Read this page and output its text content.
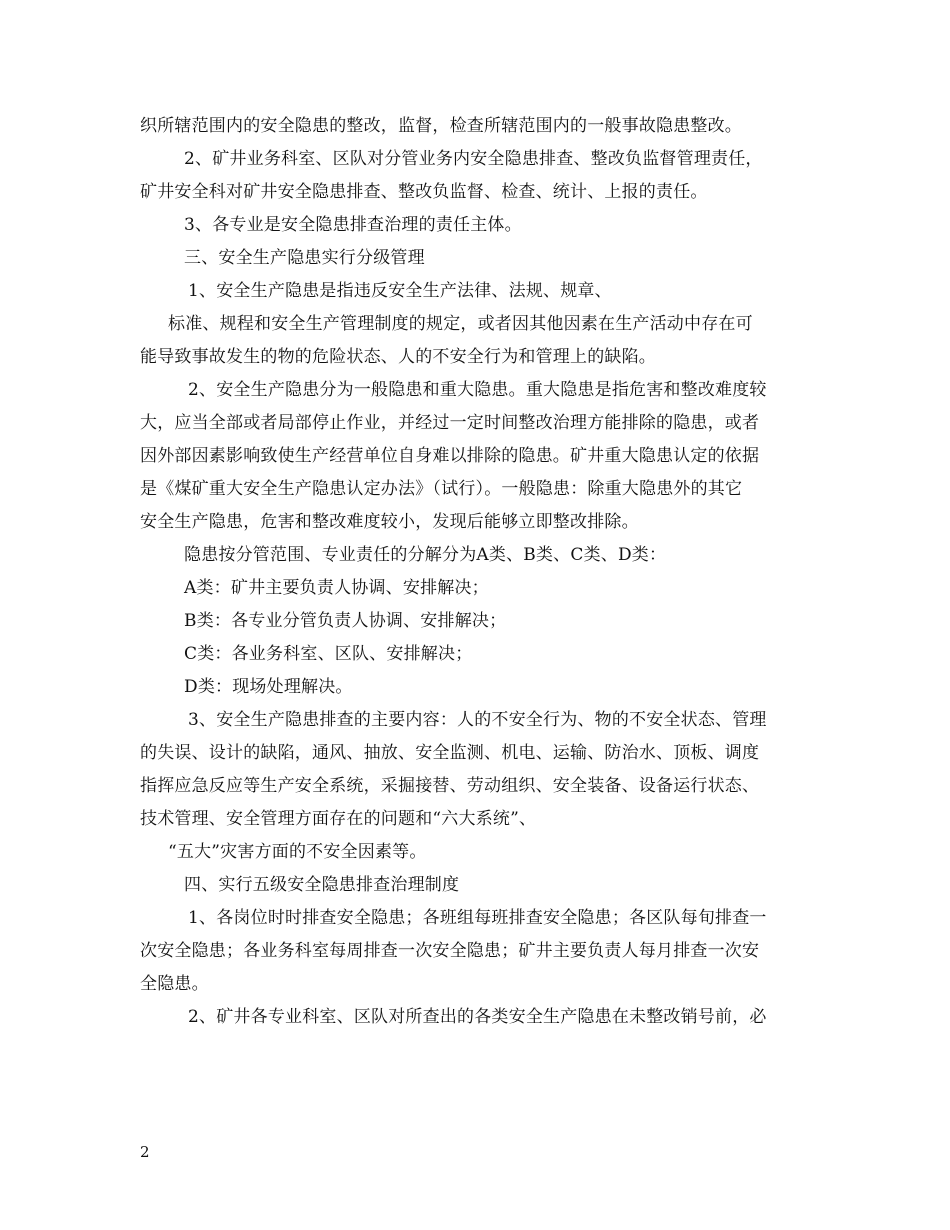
织所辖范围内的安全隐患的整改，监督，检查所辖范围内的一般事故隐患整改。
2、矿井业务科室、区队对分管业务内安全隐患排查、整改负监督管理责任，
矿井安全科对矿井安全隐患排查、整改负监督、检查、统计、上报的责任。
3、各专业是安全隐患排查治理的责任主体。
三、安全生产隐患实行分级管理
1、安全生产隐患是指违反安全生产法律、法规、规章、
标准、规程和安全生产管理制度的规定，或者因其他因素在生产活动中存在可
能导致事故发生的物的危险状态、人的不安全行为和管理上的缺陷。
2、安全生产隐患分为一般隐患和重大隐患。重大隐患是指危害和整改难度较
大，应当全部或者局部停止作业，并经过一定时间整改治理方能排除的隐患，或者
因外部因素影响致使生产经营单位自身难以排除的隐患。矿井重大隐患认定的依据
是《煤矿重大安全生产隐患认定办法》（试行）。一般隐患：除重大隐患外的其它
安全生产隐患，危害和整改难度较小，发现后能够立即整改排除。
隐患按分管范围、专业责任的分解分为A类、B类、C类、D类：
A类：矿井主要负责人协调、安排解决；
B类：各专业分管负责人协调、安排解决；
C类：各业务科室、区队、安排解决；
D类：现场处理解决。
3、安全生产隐患排查的主要内容：人的不安全行为、物的不安全状态、管理
的失误、设计的缺陷，通风、抽放、安全监测、机电、运输、防治水、顶板、调度
指挥应急反应等生产安全系统，采掘接替、劳动组织、安全装备、设备运行状态、
技术管理、安全管理方面存在的问题和“六大系统”、
“五大”灾害方面的不安全因素等。
四、实行五级安全隐患排查治理制度
1、各岗位时时排查安全隐患；各班组每班排查安全隐患；各区队每旬排查一
次安全隐患；各业务科室每周排查一次安全隐患；矿井主要负责人每月排查一次安
全隐患。
2、矿井各专业科室、区队对所查出的各类安全生产隐患在未整改销号前，必
2
